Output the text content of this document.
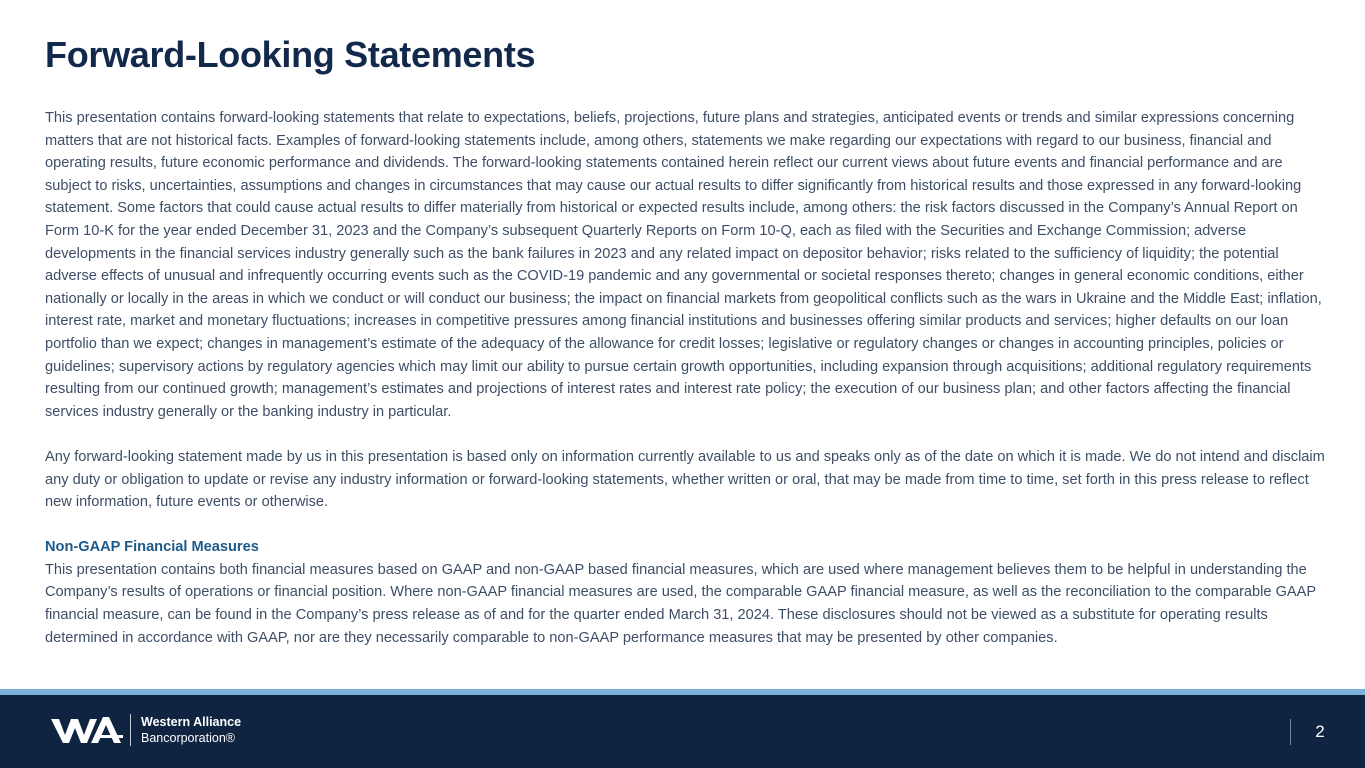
Forward-Looking Statements

This presentation contains forward-looking statements that relate to expectations, beliefs, projections, future plans and strategies, anticipated events or trends and similar expressions concerning matters that are not historical facts. Examples of forward-looking statements include, among others, statements we make regarding our expectations with regard to our business, financial and operating results, future economic performance and dividends. The forward-looking statements contained herein reflect our current views about future events and financial performance and are subject to risks, uncertainties, assumptions and changes in circumstances that may cause our actual results to differ significantly from historical results and those expressed in any forward-looking statement. Some factors that could cause actual results to differ materially from historical or expected results include, among others: the risk factors discussed in the Company’s Annual Report on Form 10-K for the year ended December 31, 2023 and the Company’s subsequent Quarterly Reports on Form 10-Q, each as filed with the Securities and Exchange Commission; adverse developments in the financial services industry generally such as the bank failures in 2023 and any related impact on depositor behavior; risks related to the sufficiency of liquidity; the potential adverse effects of unusual and infrequently occurring events such as the COVID-19 pandemic and any governmental or societal responses thereto; changes in general economic conditions, either nationally or locally in the areas in which we conduct or will conduct our business; the impact on financial markets from geopolitical conflicts such as the wars in Ukraine and the Middle East; inflation, interest rate, market and monetary fluctuations; increases in competitive pressures among financial institutions and businesses offering similar products and services; higher defaults on our loan portfolio than we expect; changes in management’s estimate of the adequacy of the allowance for credit losses; legislative or regulatory changes or changes in accounting principles, policies or guidelines; supervisory actions by regulatory agencies which may limit our ability to pursue certain growth opportunities, including expansion through acquisitions; additional regulatory requirements resulting from our continued growth; management’s estimates and projections of interest rates and interest rate policy; the execution of our business plan; and other factors affecting the financial services industry generally or the banking industry in particular.

Any forward-looking statement made by us in this presentation is based only on information currently available to us and speaks only as of the date on which it is made. We do not intend and disclaim any duty or obligation to update or revise any industry information or forward-looking statements, whether written or oral, that may be made from time to time, set forth in this press release to reflect new information, future events or otherwise.

Non-GAAP Financial Measures

This presentation contains both financial measures based on GAAP and non-GAAP based financial measures, which are used where management believes them to be helpful in understanding the Company’s results of operations or financial position. Where non-GAAP financial measures are used, the comparable GAAP financial measure, as well as the reconciliation to the comparable GAAP financial measure, can be found in the Company’s press release as of and for the quarter ended March 31, 2024. These disclosures should not be viewed as a substitute for operating results determined in accordance with GAAP, nor are they necessarily comparable to non-GAAP performance measures that may be presented by other companies.

Western Alliance
Bancorporation®	2
